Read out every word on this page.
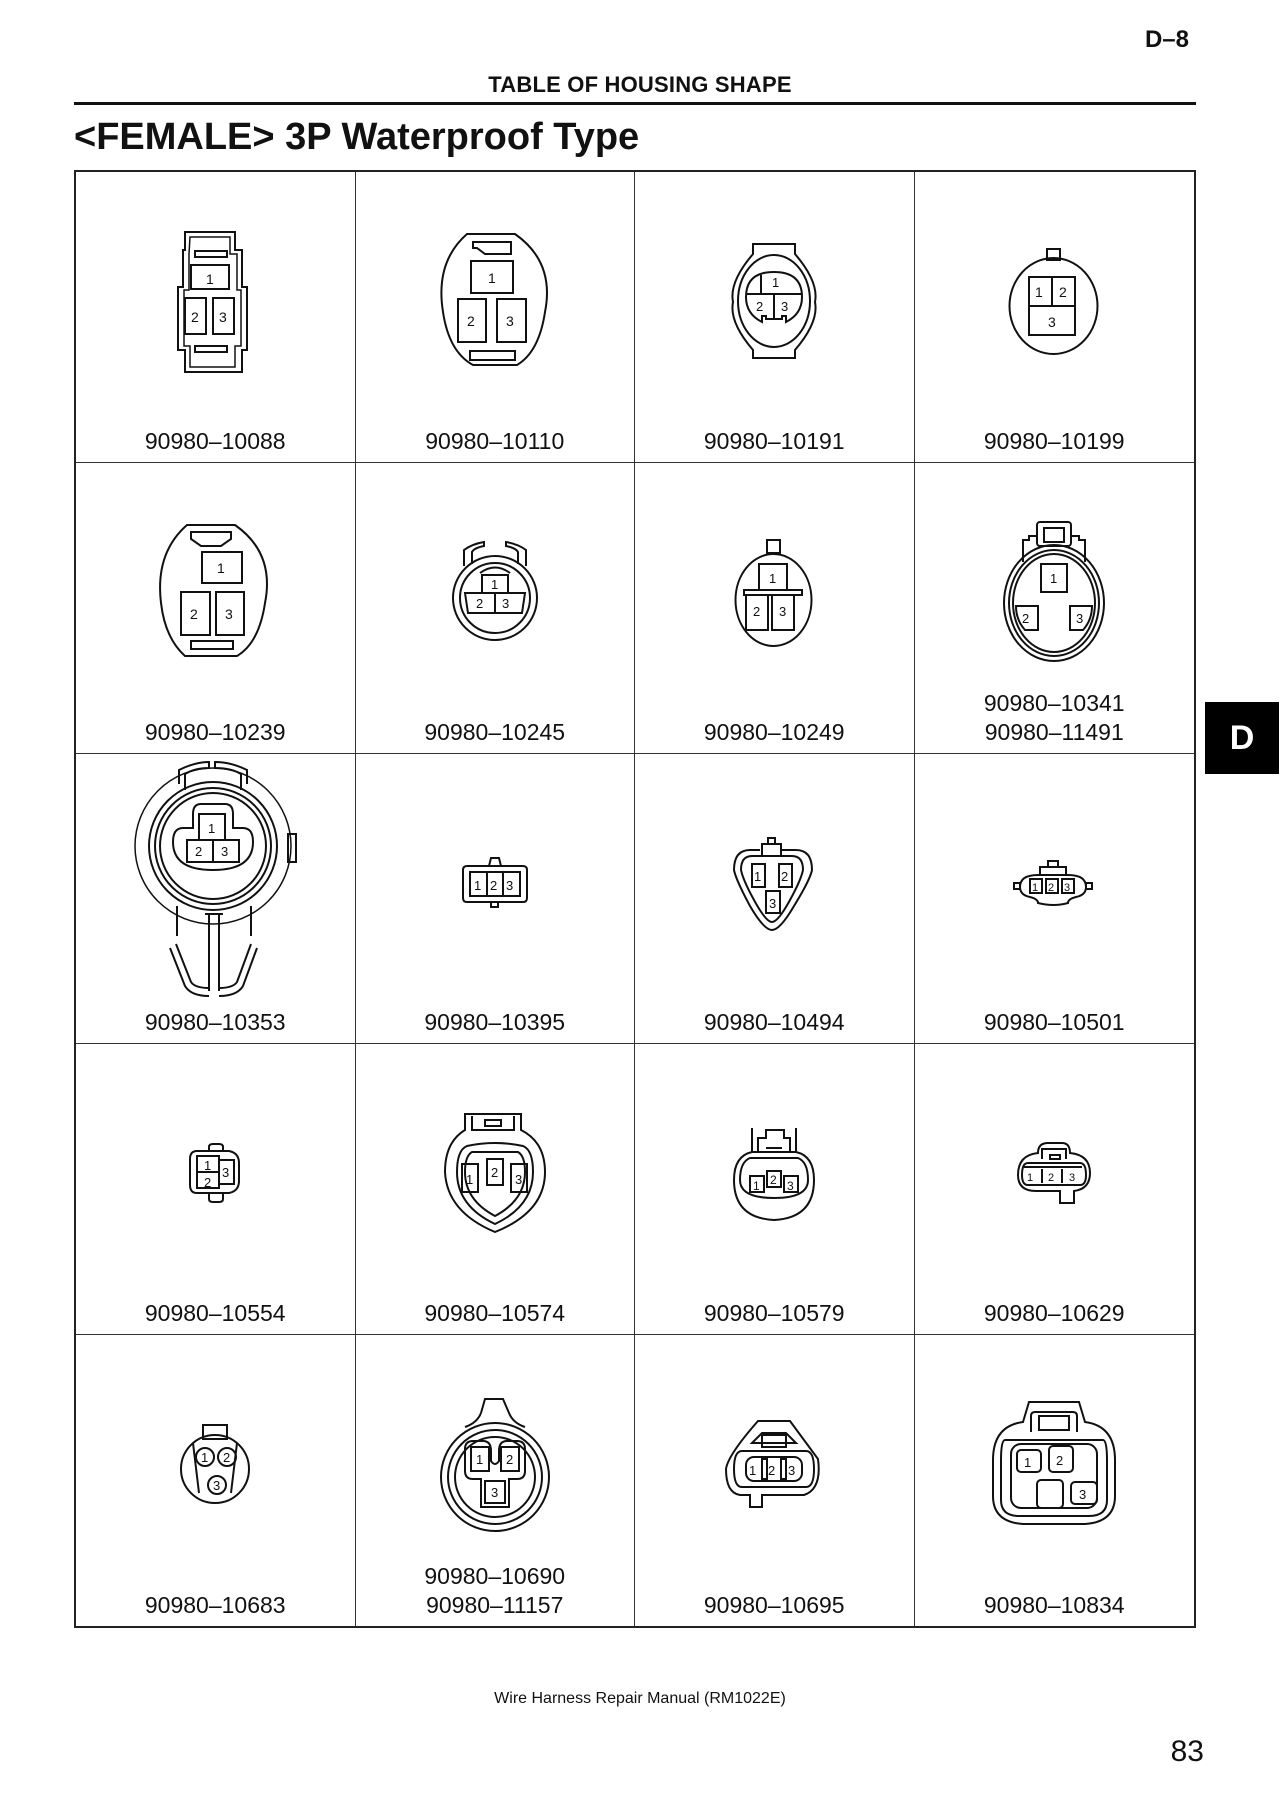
D–8
TABLE OF HOUSING SHAPE
<FEMALE> 3P Waterproof Type
1
2 3
90980–10088
1
2 3
90980–10110
1
2 3
90980–10191
1 2
3
90980–10199
1
2 3
90980–10239
1
2 3
90980–10245
1
2 3
90980–10249
1
2	3
90980–10341
90980–11491
1
2 3
90980–10353
1 2 3
90980–10395
1 2
3
90980–10494
1 2 3
90980–10501
1
2
3
90980–10554
1 2 3
90980–10574
1 2 3
90980–10579
1 2 3
90980–10629
1 2
3
90980–10683
1 2
3
90980–10690
90980–11157
1 2 3
90980–10695
1 2
3
90980–10834
D
Wire Harness Repair Manual (RM1022E)
83
